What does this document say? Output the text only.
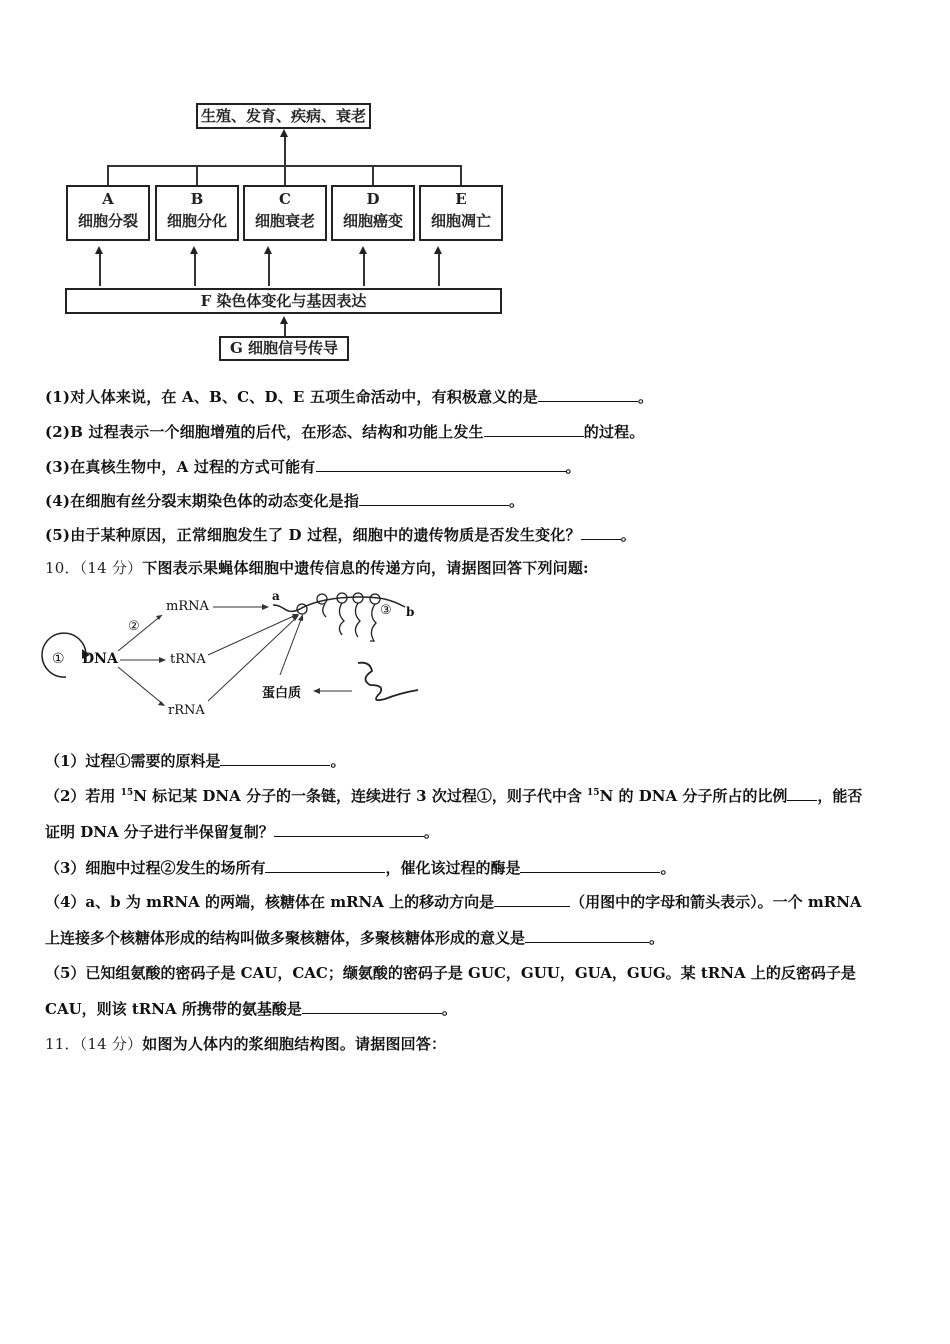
生殖、发育、疾病、衰老
A
细胞分裂
B
细胞分化
C
细胞衰老
D
细胞癌变
E
细胞凋亡
F 染色体变化与基因表达
G 细胞信号传导
(1)对人体来说，在 A、B、C、D、E 五项生命活动中，有积极意义的是	。
(2)B 过程表示一个细胞增殖的后代，在形态、结构和功能上发生	的过程。
(3)在真核生物中，A 过程的方式可能有	。
(4)在细胞有丝分裂末期染色体的动态变化是指	。
(5)由于某种原因，正常细胞发生了 D 过程，细胞中的遗传物质是否发生变化？	。
10．（14 分）下图表示果蝇体细胞中遗传信息的传递方向，请据图回答下列问题:
① DNA
②
mRNA
tRNA
rRNA
a
③ b
蛋白质
（1）过程①需要的原料是	。
（2）若用 $^{15}$N 标记某 DNA 分子的一条链，连续进行 3 次过程①，则子代中含 $^{15}$N 的 DNA 分子所占的比例 ，能否
证明 DNA 分子进行半保留复制？	。
（3）细胞中过程②发生的场所有	，催化该过程的酶是	。
（4）a、b 为 mRNA 的两端，核糖体在 mRNA 上的移动方向是	（用图中的字母和箭头表示）。一个 mRNA
上连接多个核糖体形成的结构叫做多聚核糖体，多聚核糖体形成的意义是	。
（5）已知组氨酸的密码子是 CAU，CAC；缬氨酸的密码子是 GUC，GUU，GUA，GUG。某 tRNA 上的反密码子是
CAU，则该 tRNA 所携带的氨基酸是	。
11．（14 分）如图为人体内的浆细胞结构图。请据图回答：
